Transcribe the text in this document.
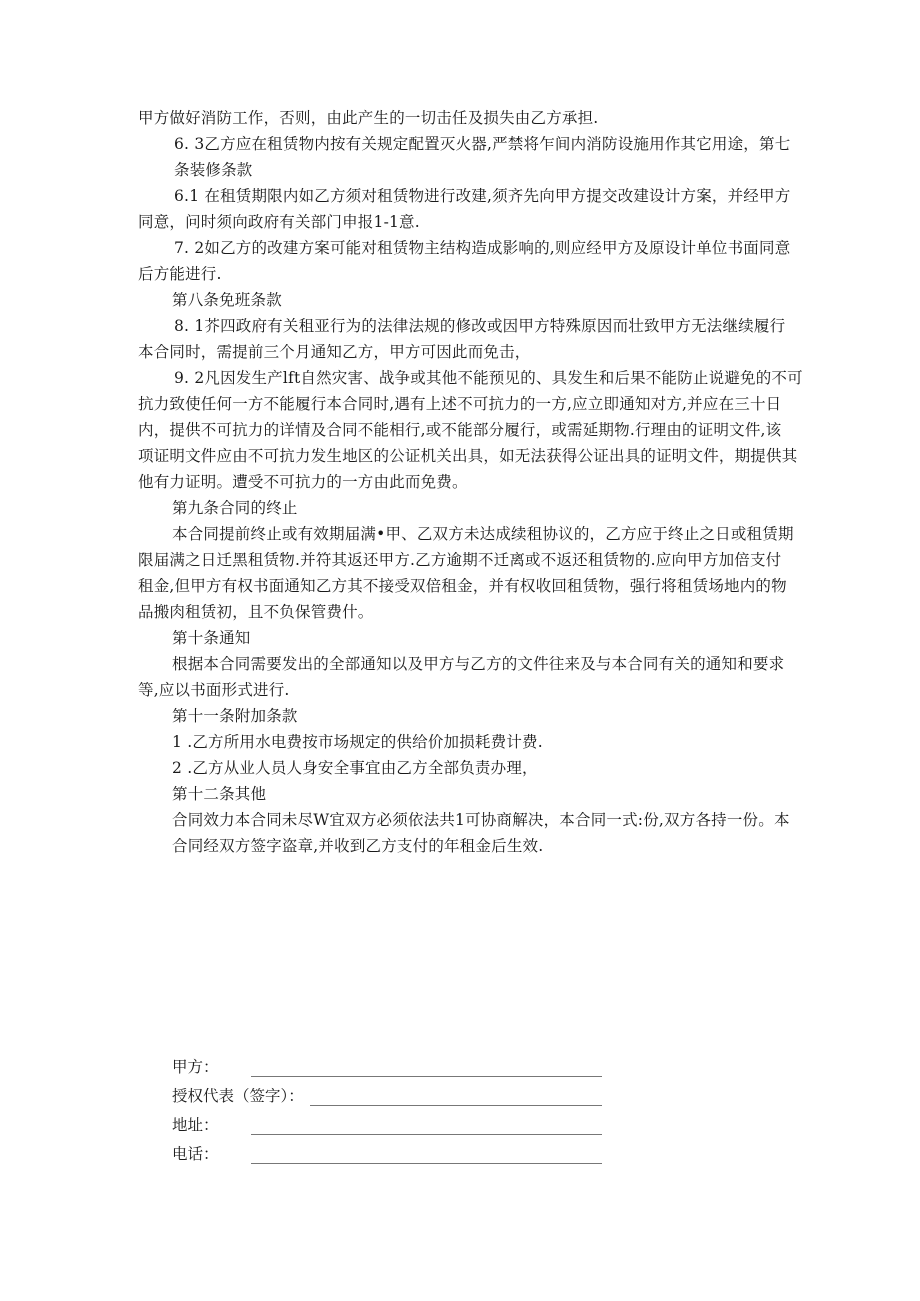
甲方做好消防工作，否则，由此产生的一切击任及损失由乙方承担.
6. 3乙方应在租赁物内按有关规定配置灭火器,严禁将乍间内消防设施用作其它用途，第七
条装修条款
6.1 在租赁期限内如乙方须对租赁物进行改建,须齐先向甲方提交改建设计方案，并经甲方
同意，问时须向政府有关部门申报1-1意.
7. 2如乙方的改建方案可能对租赁物主结构造成影响的,则应经甲方及原设计单位书面同意
后方能进行.
第八条免班条款
8. 1芥四政府有关租亚行为的法律法规的修改或因甲方特殊原因而壮致甲方无法继续履行
本合同时，需提前三个月通知乙方，甲方可因此而免击，
9. 2凡因发生产lft自然灾害、战争或其他不能预见的、具发生和后果不能防止说避免的不可
抗力致使任何一方不能履行本合同时,遇有上述不可抗力的一方,应立即通知对方,并应在三十日
内，提供不可抗力的详情及合同不能相行,或不能部分履行，或需延期物.行理由的证明文件,该
项证明文件应由不可抗力发生地区的公证机关出具，如无法获得公证出具的证明文件，期提供其
他有力证明。遭受不可抗力的一方由此而免费。
第九条合同的终止
本合同提前终止或有效期届满•甲、乙双方未达成续租协议的，乙方应于终止之日或租赁期
限届满之日迁黑租赁物.并符其返还甲方.乙方逾期不迁离或不返还租赁物的.应向甲方加倍支付
租金,但甲方有权书面通知乙方其不接受双倍租金，并有权收回租赁物，强行将租赁场地内的物
品搬肉租赁初，且不负保管费什。
第十条通知
根据本合同需要发出的全部通知以及甲方与乙方的文件往来及与本合同有关的通知和要求
等,应以书面形式进行.
第十一条附加条款
1 .乙方所用水电费按市场规定的供给价加损耗费计费.
2 .乙方从业人员人身安全事宜由乙方全部负责办理，
第十二条其他
合同效力本合同未尽W宜双方必须依法共1可协商解决，本合同一式:份,双方各持一份。本
合同经双方签字盗章,并收到乙方支付的年租金后生效.
甲方：
授权代表（签字）：
地址：
电话：
